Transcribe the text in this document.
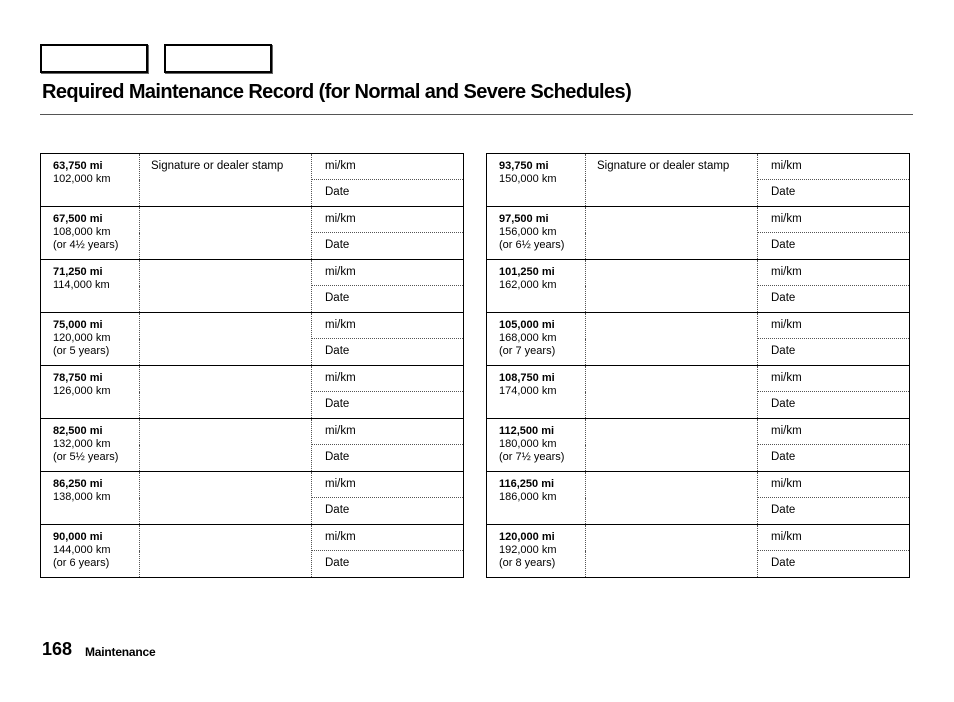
Required Maintenance Record (for Normal and Severe Schedules)
63,750 mi
102,000 km	Signature or dealer stamp	mi/km
		Date

67,500 mi
108,000 km
(or 4½ years)		mi/km
		Date

71,250 mi
114,000 km		mi/km
		Date

75,000 mi
120,000 km
(or 5 years)		mi/km
		Date

78,750 mi
126,000 km		mi/km
		Date

82,500 mi
132,000 km
(or 5½ years)		mi/km
		Date

86,250 mi
138,000 km		mi/km
		Date

90,000 mi
144,000 km
(or 6 years)		mi/km
		Date
93,750 mi
150,000 km	Signature or dealer stamp	mi/km
		Date

97,500 mi
156,000 km
(or 6½ years)		mi/km
		Date

101,250 mi
162,000 km		mi/km
		Date

105,000 mi
168,000 km
(or 7 years)		mi/km
		Date

108,750 mi
174,000 km		mi/km
		Date

112,500 mi
180,000 km
(or 7½ years)		mi/km
		Date

116,250 mi
186,000 km		mi/km
		Date

120,000 mi
192,000 km
(or 8 years)		mi/km
		Date
168 Maintenance
